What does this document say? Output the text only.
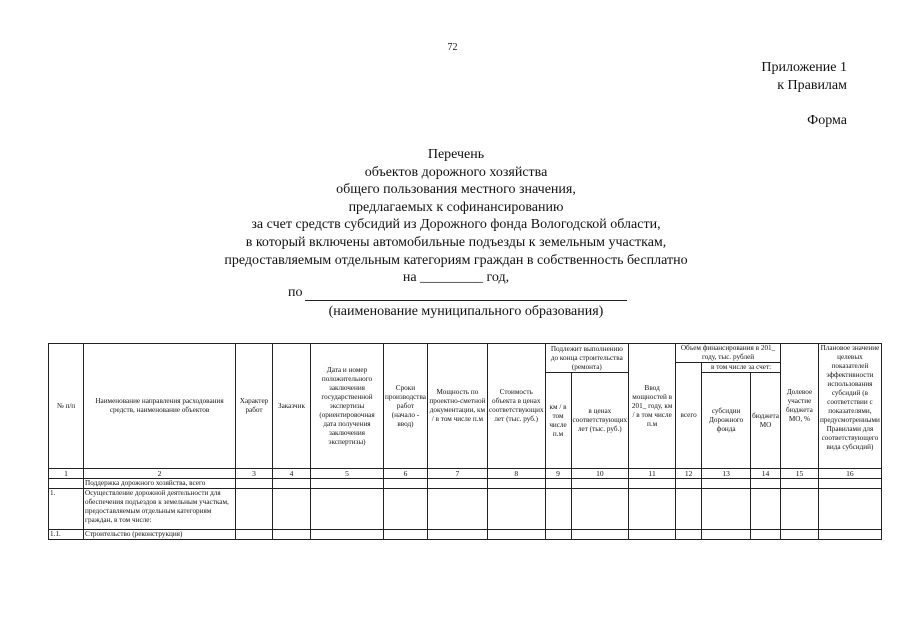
72
Приложение 1
к Правилам
Форма
Перечень
объектов дорожного хозяйства
общего пользования местного значения,
предлагаемых к софинансированию
за счет средств субсидий из Дорожного фонда Вологодской области,
в который включены автомобильные подъезды к земельным участкам,
предоставляемым отдельным категориям граждан в собственность бесплатно
на _________ год,
по
(наименование муниципального образования)
№ п/п	Наименование направления расходования средств, наименование объектов	Характер работ	Заказчик	Дата и номер положительного заключения государственной экспертизы (ориентировочная дата получения заключения экспертизы)	Сроки производства работ (начало - ввод)	Мощность по проектно-сметной документации, км / в том числе п.м	Стоимость объекта в ценах соответствующих лет (тыс. руб.)	Подлежит выполнению до конца строительства (ремонта)		Ввод мощностей в 201_ году, км / в том числе п.м	Объем финансирования в 201_ году, тыс. рублей			Долевое участие бюджета МО, %	Плановое значение целевых показателей эффективности использования субсидий (в соответствии с показателями, предусмотренными Правилами для соответствующего вида субсидий)
											всего	в том числе за счет:			
								км / в том числе п.м	в ценах соответствующих лет (тыс. руб.)			субсидии Дорожного фонда	бюджета МО		
1	2	3	4	5	6	7	8	9	10	11	12	13	14	15	16
	Поддержка дорожного хозяйства, всего														
1.	Осуществление дорожной деятельности для обеспечения подъездов к земельным участкам, предоставляемым отдельным категориям граждан, в том числе:														
1.1.	Строительство (реконструкция)														
